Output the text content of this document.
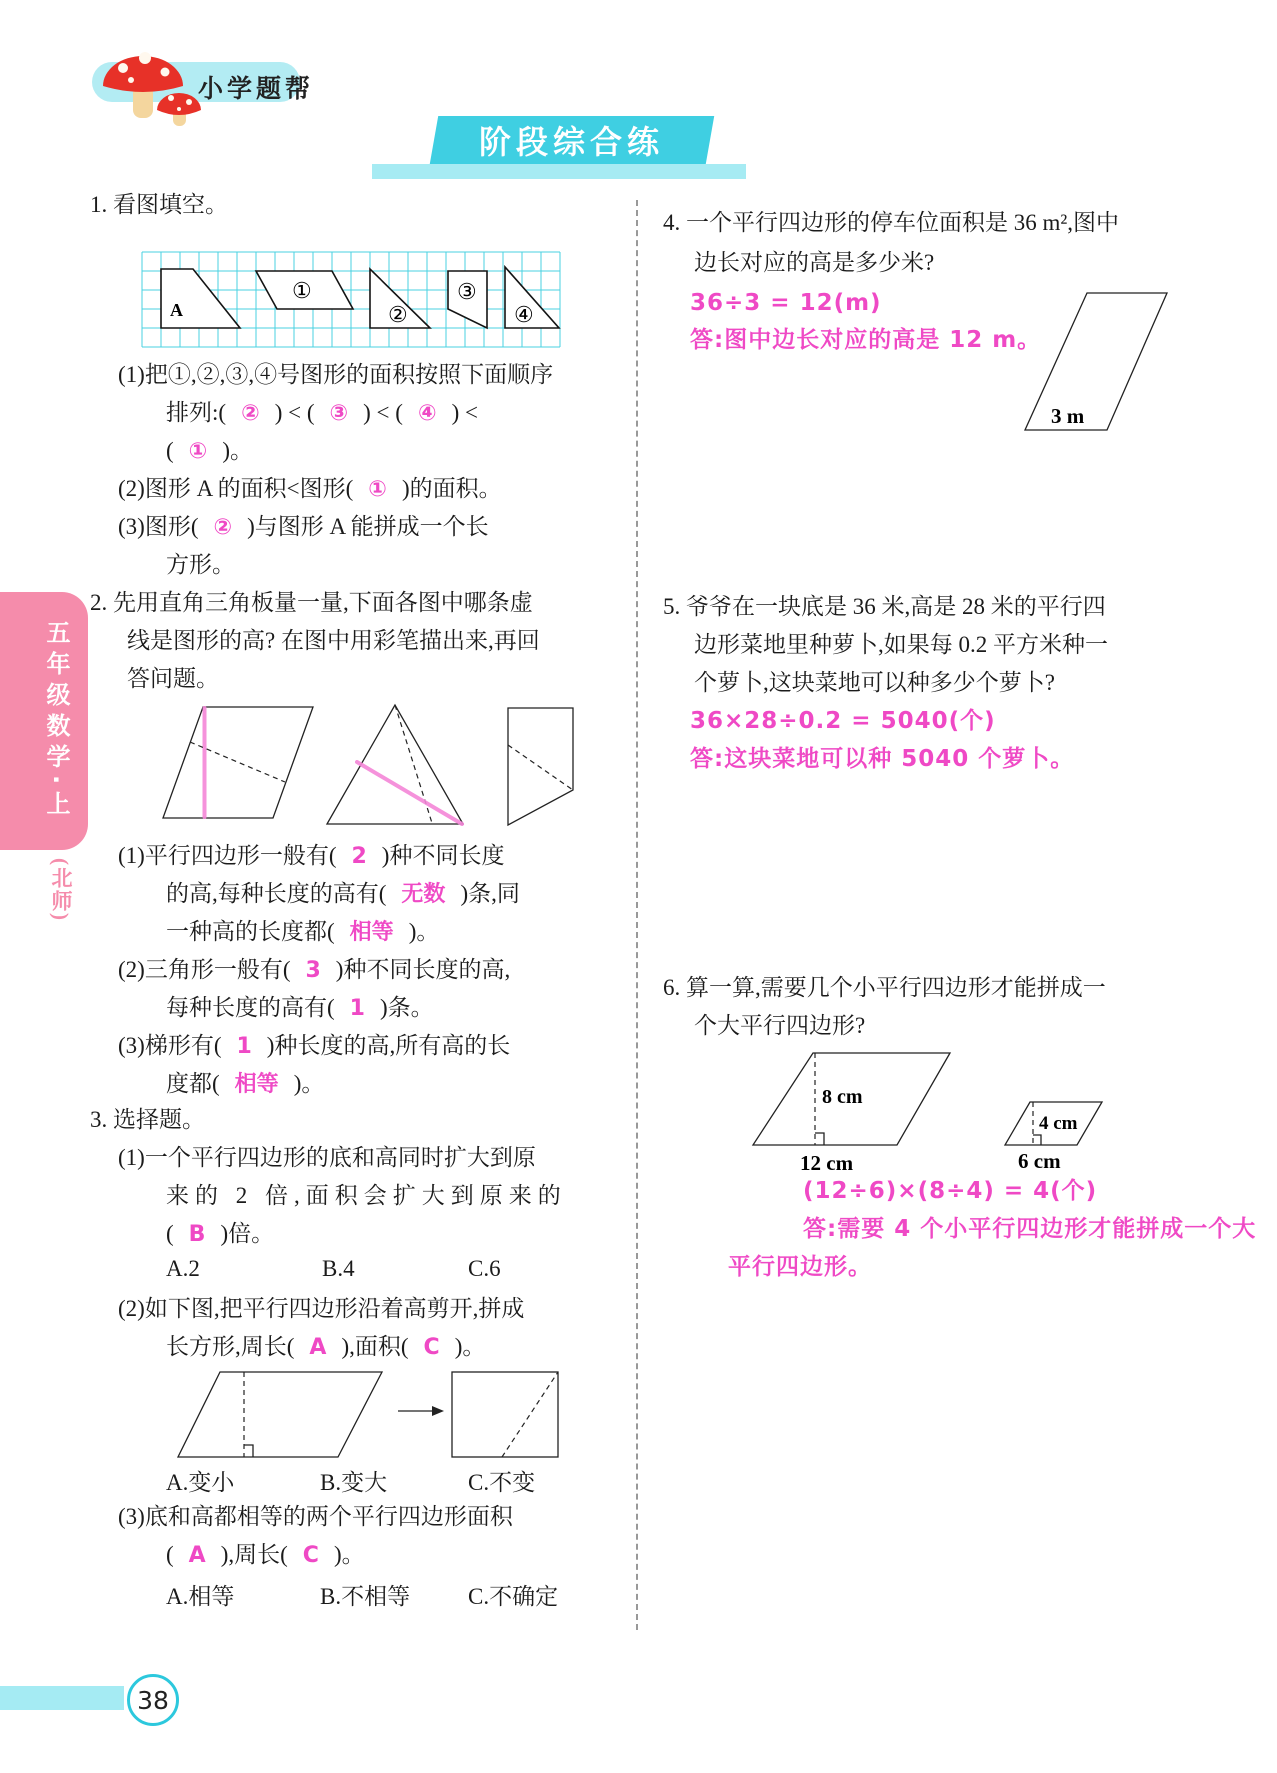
小学题帮
阶段综合练
五年级数学·上
(北师)
1. 看图填空。
A
①
②
③
④
(1)把①,②,③,④号图形的面积按照下面顺序
排列:( ② ) < ( ③ ) < ( ④ ) <
( ① )。
(2)图形 A 的面积<图形( ① )的面积。
(3)图形( ② )与图形 A 能拼成一个长
方形。
2. 先用直角三角板量一量,下面各图中哪条虚
线是图形的高? 在图中用彩笔描出来,再回
答问题。
(1)平行四边形一般有( 2 )种不同长度
的高,每种长度的高有( 无数 )条,同
一种高的长度都( 相等 )。
(2)三角形一般有( 3 )种不同长度的高,
每种长度的高有( 1 )条。
(3)梯形有( 1 )种长度的高,所有高的长
度都( 相等 )。
3. 选择题。
(1)一个平行四边形的底和高同时扩大到原
来的 2 倍,面积会扩大到原来的
( B )倍。
A.2	B.4	C.6
(2)如下图,把平行四边形沿着高剪开,拼成
长方形,周长( A ),面积( C )。
A.变小	B.变大	C.不变
(3)底和高都相等的两个平行四边形面积
( A ),周长( C )。
A.相等	B.不相等	C.不确定
4. 一个平行四边形的停车位面积是 36 m²,图中
边长对应的高是多少米?
36÷3 = 12(m)
答:图中边长对应的高是 12 m。
3 m
5. 爷爷在一块底是 36 米,高是 28 米的平行四
边形菜地里种萝卜,如果每 0.2 平方米种一
个萝卜,这块菜地可以种多少个萝卜?
36×28÷0.2 = 5040(个)
答:这块菜地可以种 5040 个萝卜。
6. 算一算,需要几个小平行四边形才能拼成一
个大平行四边形?
8 cm
12 cm
4 cm
6 cm
(12÷6)×(8÷4) = 4(个)
答:需要 4 个小平行四边形才能拼成一个大
平行四边形。
38
